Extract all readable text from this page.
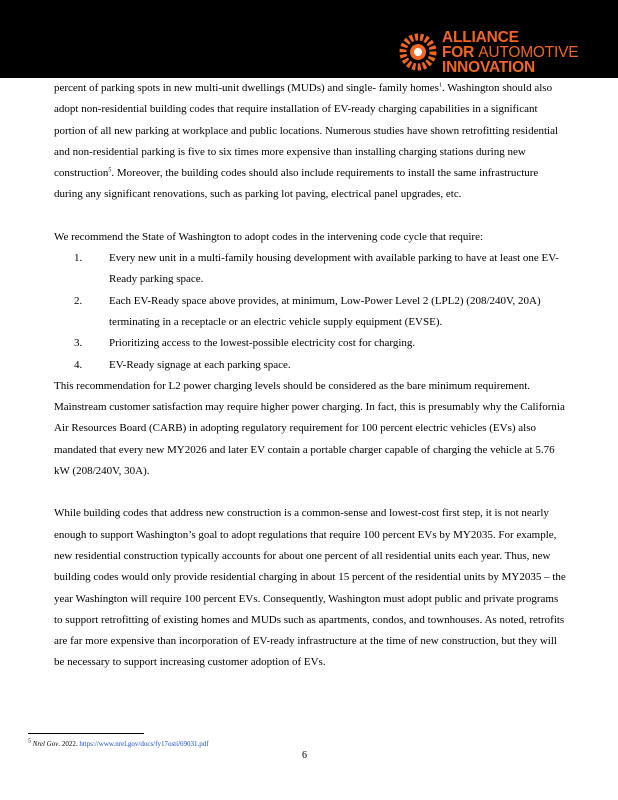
ALLIANCE
FOR AUTOMOTIVE
INNOVATION

percent of parking spots in new multi-unit dwellings (MUDs) and single- family homes$^1$. Washington should also adopt non-residential building codes that require installation of EV-ready charging capabilities in a significant portion of all new parking at workplace and public locations. Numerous studies have shown retrofitting residential and non-residential parking is five to six times more expensive than installing charging stations during new construction$^5$. Moreover, the building codes should also include requirements to install the same infrastructure during any significant renovations, such as parking lot paving, electrical panel upgrades, etc.

We recommend the State of Washington to adopt codes in the intervening code cycle that require:

1. Every new unit in a multi-family housing development with available parking to have at least one EV-Ready parking space.
2. Each EV-Ready space above provides, at minimum, Low-Power Level 2 (LPL2) (208/240V, 20A) terminating in a receptacle or an electric vehicle supply equipment (EVSE).
3. Prioritizing access to the lowest-possible electricity cost for charging.
4. EV-Ready signage at each parking space.

This recommendation for L2 power charging levels should be considered as the bare minimum requirement. Mainstream customer satisfaction may require higher power charging. In fact, this is presumably why the California Air Resources Board (CARB) in adopting regulatory requirement for 100 percent electric vehicles (EVs) also mandated that every new MY2026 and later EV contain a portable charger capable of charging the vehicle at 5.76 kW (208/240V, 30A).

While building codes that address new construction is a common-sense and lowest-cost first step, it is not nearly enough to support Washington’s goal to adopt regulations that require 100 percent EVs by MY2035. For example, new residential construction typically accounts for about one percent of all residential units each year. Thus, new building codes would only provide residential charging in about 15 percent of the residential units by MY2035 – the year Washington will require 100 percent EVs. Consequently, Washington must adopt public and private programs to support retrofitting of existing homes and MUDs such as apartments, condos, and townhouses. As noted, retrofits are far more expensive than incorporation of EV-ready infrastructure at the time of new construction, but they will be necessary to support increasing customer adoption of EVs.

$^5$ Nrel Gov. 2022. https://www.nrel.gov/docs/fy17osti/69031.pdf
6
